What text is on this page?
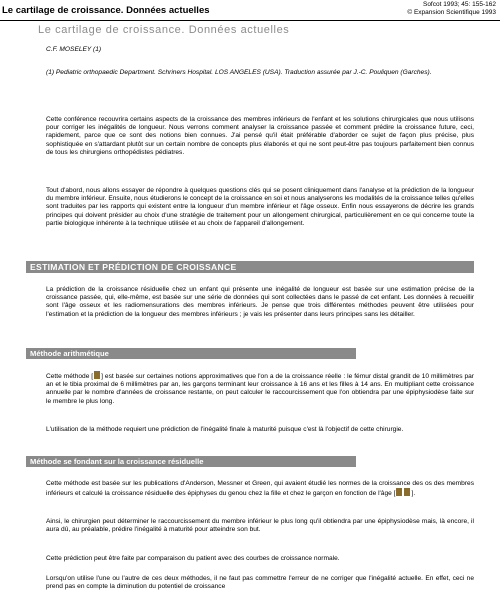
Le cartilage de croissance. Données actuelles
Sofcot 1993; 45: 155-162
© Expansion Scientifique 1993
Le cartilage de croissance. Données actuelles
C.F. MOSELEY (1)
(1) Pediatric orthopaedic Department. Schriners Hospital. LOS ANGELES (USA). Traduction assurée par J.-C. Pouliquen (Garches).

Cette conférence recouvrira certains aspects de la croissance des membres inférieurs de l'enfant et les solutions chirurgicales que nous utilisons pour corriger les inégalités de longueur. Nous verrons comment analyser la croissance passée et comment prédire la croissance future, ceci, rapidement, parce que ce sont des notions bien connues. J'ai pensé qu'il était préférable d'aborder ce sujet de façon plus précise, plus sophistiquée en s'attardant plutôt sur un certain nombre de concepts plus élaborés et qui ne sont peut-être pas toujours parfaitement bien connus de tous les chirurgiens orthopédistes pédiatres.

Tout d'abord, nous allons essayer de répondre à quelques questions clés qui se posent cliniquement dans l'analyse et la prédiction de la longueur du membre inférieur. Ensuite, nous étudierons le concept de la croissance en soi et nous analyserons les modalités de la croissance telles qu'elles sont traduites par les rapports qui existent entre la longueur d'un membre inférieur et l'âge osseux. Enfin nous essayerons de décrire les grands principes qui doivent présider au choix d'une stratégie de traitement pour un allongement chirurgical, particulièrement en ce qui concerne toute la partie biologique inhérente à la technique utilisée et au choix de l'appareil d'allongement.

ESTIMATION ET PRÉDICTION DE CROISSANCE

La prédiction de la croissance résiduelle chez un enfant qui présente une inégalité de longueur est basée sur une estimation précise de la croissance passée, qui, elle-même, est basée sur une série de données qui sont collectées dans le passé de cet enfant. Les données à recueillir sont l'âge osseux et les radiomensurations des membres inférieurs. Je pense que trois différentes méthodes peuvent être utilisées pour l'estimation et la prédiction de la longueur des membres inférieurs ; je vais les présenter dans leurs principes sans les détailler.

Méthode arithmétique

Cette méthode [ ] est basée sur certaines notions approximatives que l'on a de la croissance réelle : le fémur distal grandit de 10 millimètres par an et le tibia proximal de 6 millimètres par an, les garçons terminant leur croissance à 16 ans et les filles à 14 ans. En multipliant cette croissance annuelle par le nombre d'années de croissance restante, on peut calculer le raccourcissement que l'on obtiendra par une épiphysiodèse faite sur le membre le plus long.

L'utilisation de la méthode requiert une prédiction de l'inégalité finale à maturité puisque c'est là l'objectif de cette chirurgie.

Méthode se fondant sur la croissance résiduelle

Cette méthode est basée sur les publications d'Anderson, Messner et Green, qui avaient étudié les normes de la croissance des os des membres inférieurs et calculé la croissance résiduelle des épiphyses du genou chez la fille et chez le garçon en fonction de l'âge [ ].

Ainsi, le chirurgien peut déterminer le raccourcissement du membre inférieur le plus long qu'il obtiendra par une épiphysiodèse mais, là encore, il aura dû, au préalable, prédire l'inégalité à maturité pour atteindre son but.

Cette prédiction peut être faite par comparaison du patient avec des courbes de croissance normale.

Lorsqu'on utilise l'une ou l'autre de ces deux méthodes, il ne faut pas commettre l'erreur de ne corriger que l'inégalité actuelle. En effet, ceci ne prend pas en compte la diminution du potentiel de croissance
